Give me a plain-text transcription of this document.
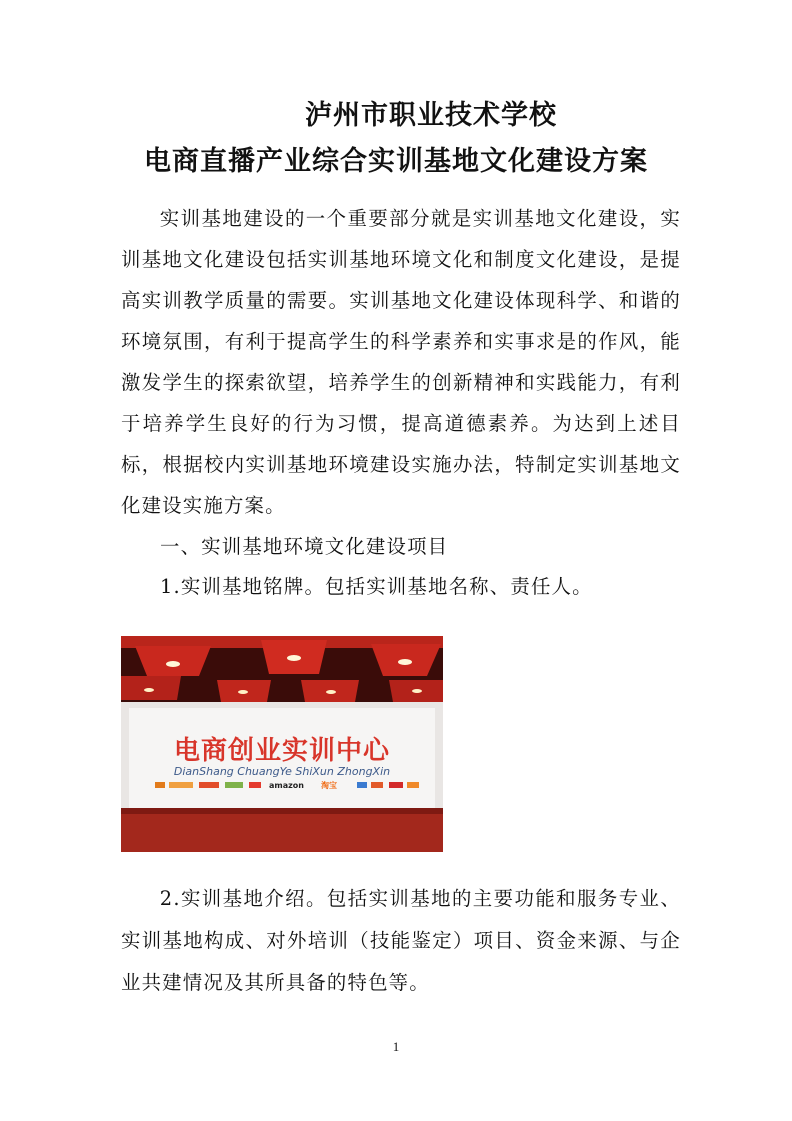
泸州市职业技术学校
电商直播产业综合实训基地文化建设方案

实训基地建设的一个重要部分就是实训基地文化建设，实训基地文化建设包括实训基地环境文化和制度文化建设，是提高实训教学质量的需要。实训基地文化建设体现科学、和谐的环境氛围，有利于提高学生的科学素养和实事求是的作风，能激发学生的探索欲望，培养学生的创新精神和实践能力，有利于培养学生良好的行为习惯，提高道德素养。为达到上述目标，根据校内实训基地环境建设实施办法，特制定实训基地文化建设实施方案。

一、实训基地环境文化建设项目
1.实训基地铭牌。包括实训基地名称、责任人。
电商创业实训中心
DianShang ChuangYe ShiXun ZhongXin
amazon 淘宝
2.实训基地介绍。包括实训基地的主要功能和服务专业、实训基地构成、对外培训（技能鉴定）项目、资金来源、与企业共建情况及其所具备的特色等。
1
